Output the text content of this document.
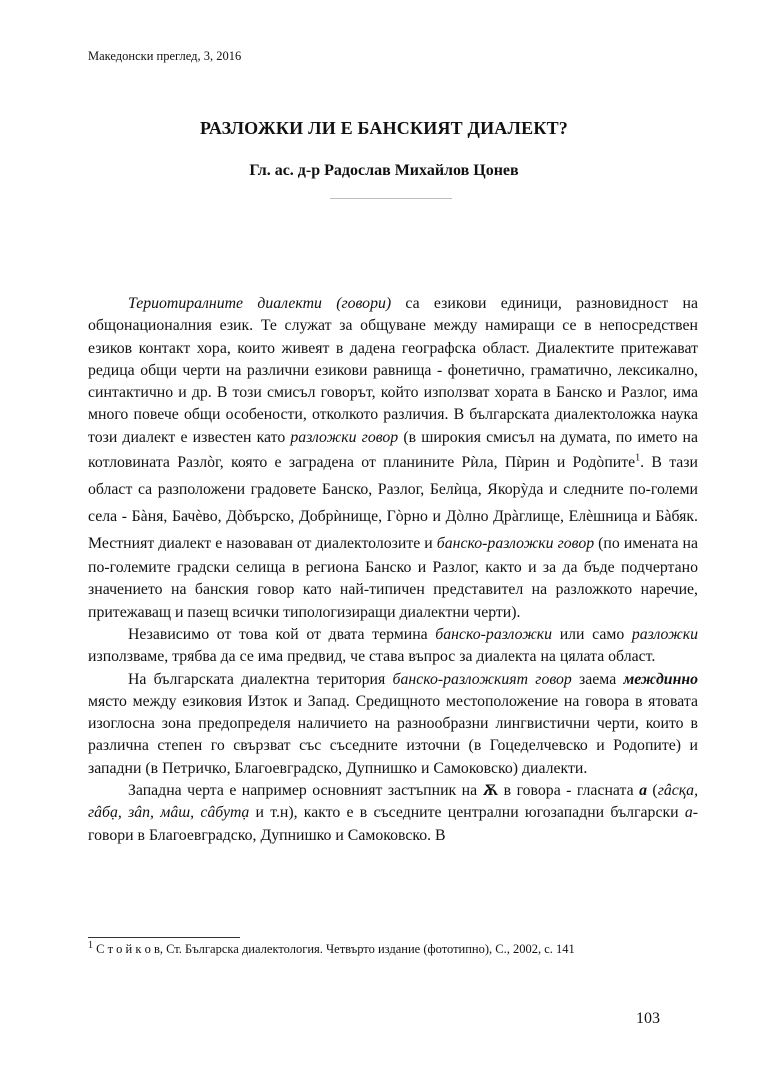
Македонски преглед, 3, 2016
РАЗЛОЖКИ ЛИ Е БАНСКИЯТ ДИАЛЕКТ?
Гл. ас. д-р Радослав Михайлов Цонев

Териотиралните диалекти (говори) са езикови единици, разновидност на общонационалния език. Те служат за общуване между намиращи се в непосредствен езиков контакт хора, които живеят в дадена географска област. Диалектите притежават редица общи черти на различни езикови равнища - фонетично, граматично, лексикално, синтактично и др. В този смисъл говорът, който използват хората в Банско и Разлог, има много повече общи особености, отколкото различия. В българската диалектоложка наука този диалект е известен като разложки говор (в широкия смисъл на думата, по името на котловината Разлòг, която е заградена от планините Рѝла, Пѝрин и Родòпите$^1$. В тази област са разположени градовете Банско, Разлог, Белѝца, Якорỳда и следните по-големи села - Бàня, Бачѐво, Дòбърско, Добрѝнище, Гòрно и Дòлно Дрàглище, Елѐшница и Бàбяк. Местният диалект е назоваван от диалектолозите и банско-разложки говор (по имената на по-големите градски селища в региона Банско и Разлог, както и за да бъде подчертано значението на банския говор като най-типичен представител на разложкото наречие, притежаващ и пазещ всички типологизиращи диалектни черти).

Независимо от това кой от двата термина банско-разложки или само разложки използваме, трябва да се има предвид, че става въпрос за диалекта на цялата област.

На българската диалектна територия банско-разложкият говор заема междинно място между езиковия Изток и Запад. Средищното местоположение на говора в ятовата изоглосна зона предопределя наличието на разнообразни лингвистични черти, които в различна степен го свързват със съседните източни (в Гоцеделчевско и Родопите) и западни (в Петричко, Благоевградско, Дупнишко и Самоковско) диалекти.

Западна черта е например основният застъпник на Ѫ в говора - гласната а (гâсқа, гâбạ, зâп, мâш, сâбутạ и т.н), както е в съседните централни югозападни български а-говори в Благоевградско, Дупнишко и Самоковско. В

$^1$ С т о й к о в, Ст. Българска диалектология. Четвърто издание (фототипно), С., 2002, с. 141
103
